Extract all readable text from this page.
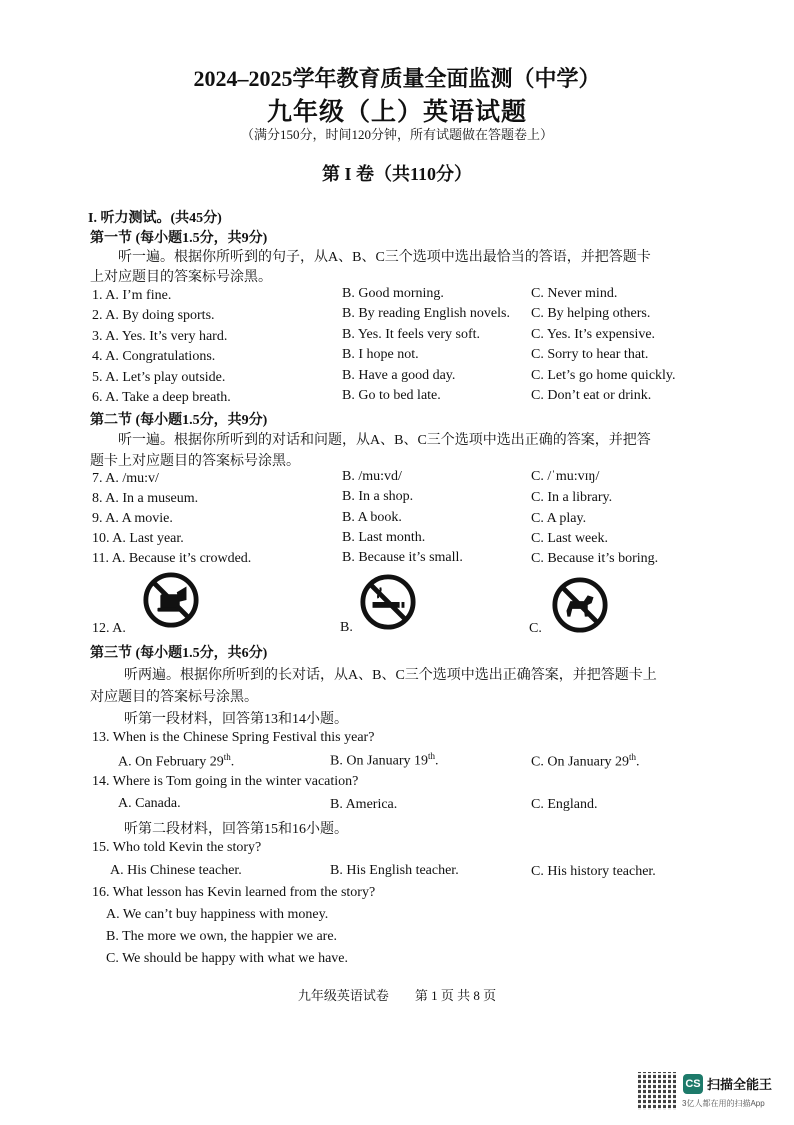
2024–2025学年教育质量全面监测（中学）
九年级（上）英语试题
（满分150分，时间120分钟，所有试题做在答题卷上）
第 I 卷（共110分）
I. 听力测试。(共45分)
第一节 (每小题1.5分，共9分)
听一遍。根据你所听到的句子，从A、B、C三个选项中选出最恰当的答语，并把答题卡
上对应题目的答案标号涂黑。
1. A. I’m fine.	B. Good morning.	C. Never mind.
2. A. By doing sports.	B. By reading English novels. C. By helping others.
3. A. Yes. It’s very hard.	B. Yes. It feels very soft.	C. Yes. It’s expensive.
4. A. Congratulations.	B. I hope not.	C. Sorry to hear that.
5. A. Let’s play outside.	B. Have a good day.	C. Let’s go home quickly.
6. A. Take a deep breath.	B. Go to bed late.	C. Don’t eat or drink.
第二节 (每小题1.5分，共9分)
听一遍。根据你所听到的对话和问题，从A、B、C三个选项中选出正确的答案，并把答
题卡上对应题目的答案标号涂黑。
7. A. /mu:v/	B. /mu:vd/	C. /ˈmu:vɪŋ/
8. A. In a museum.	B. In a shop.	C. In a library.
9. A. A movie.	B. A book.	C. A play.
10. A. Last year.	B. Last month.	C. Last week.
11. A. Because it’s crowded.	B. Because it’s small.	C. Because it’s boring.
12. A.	B.	C.
第三节 (每小题1.5分，共6分)
听两遍。根据你所听到的长对话，从A、B、C三个选项中选出正确答案，并把答题卡上
对应题目的答案标号涂黑。
听第一段材料，回答第13和14小题。
13. When is the Chinese Spring Festival this year?
A. On February 29th.	B. On January 19th.	C. On January 29th.
14. Where is Tom going in the winter vacation?
A. Canada.	B. America.	C. England.
听第二段材料，回答第15和16小题。
15. Who told Kevin the story?
A. His Chinese teacher.	B. His English teacher.	C. His history teacher.
16. What lesson has Kevin learned from the story?
A. We can’t buy happiness with money.
B. The more we own, the happier we are.
C. We should be happy with what we have.
九年级英语试卷　　第 1 页 共 8 页
CS 扫描全能王
3亿人都在用的扫描App
